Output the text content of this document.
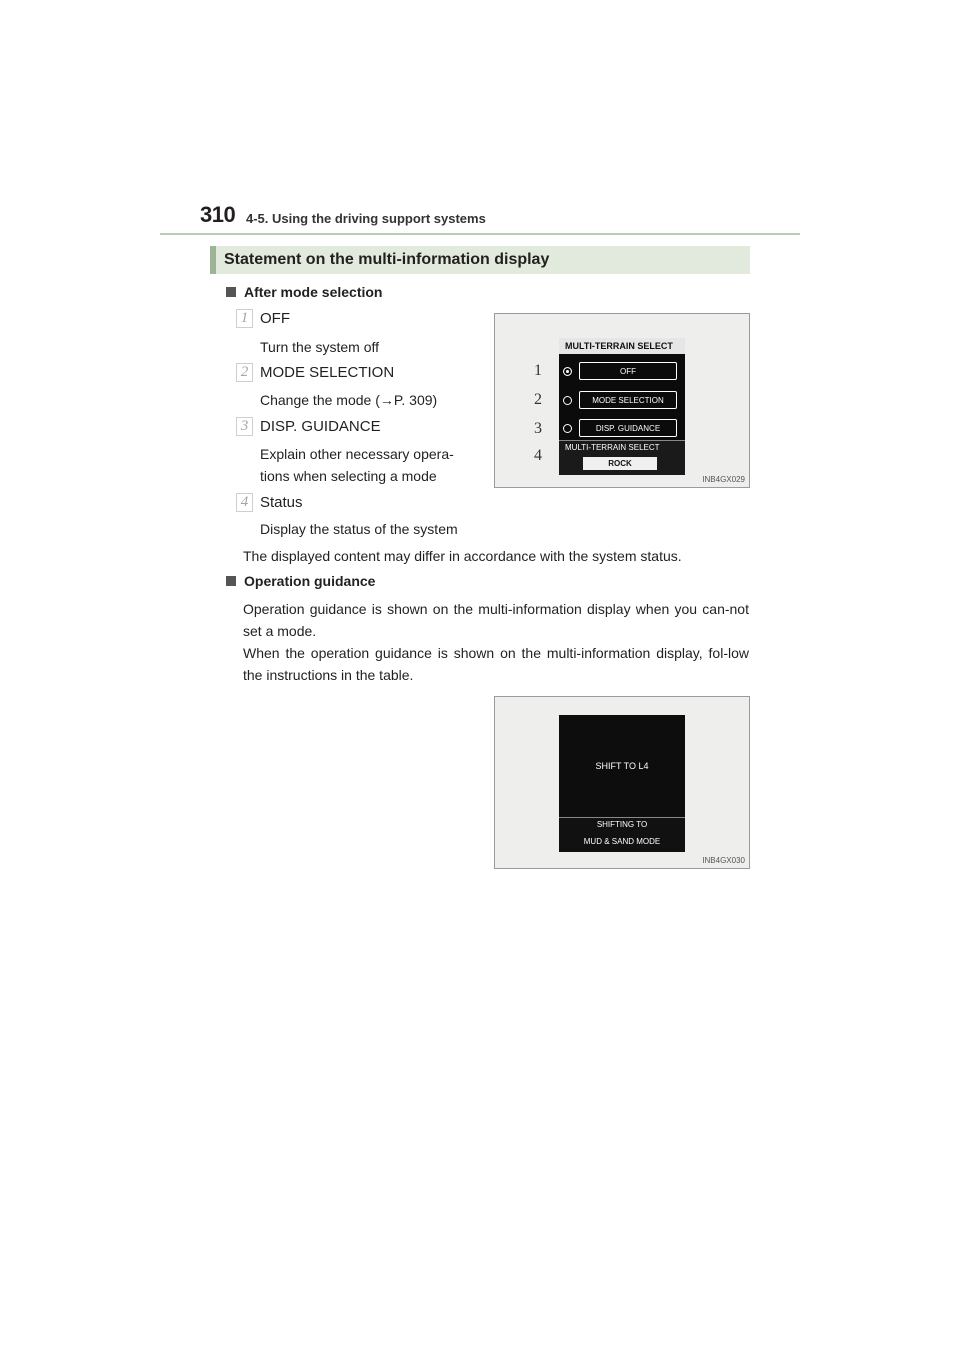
310 4-5. Using the driving support systems
Statement on the multi-information display
After mode selection
1 OFF
Turn the system off
2 MODE SELECTION
Change the mode (→P. 309)
3 DISP. GUIDANCE
Explain other necessary opera-
tions when selecting a mode
4 Status
Display the status of the system
The displayed content may differ in accordance with the system status.
Operation guidance
Operation guidance is shown on the multi-information display when you can-not set a mode.
When the operation guidance is shown on the multi-information display, fol-low the instructions in the table.
MULTI-TERRAIN SELECT
1
2
3
4
OFF
MODE SELECTION
DISP. GUIDANCE
MULTI-TERRAIN SELECT
ROCK
INB4GX029
SHIFT TO L4
SHIFTING TO
MUD & SAND MODE
INB4GX030
